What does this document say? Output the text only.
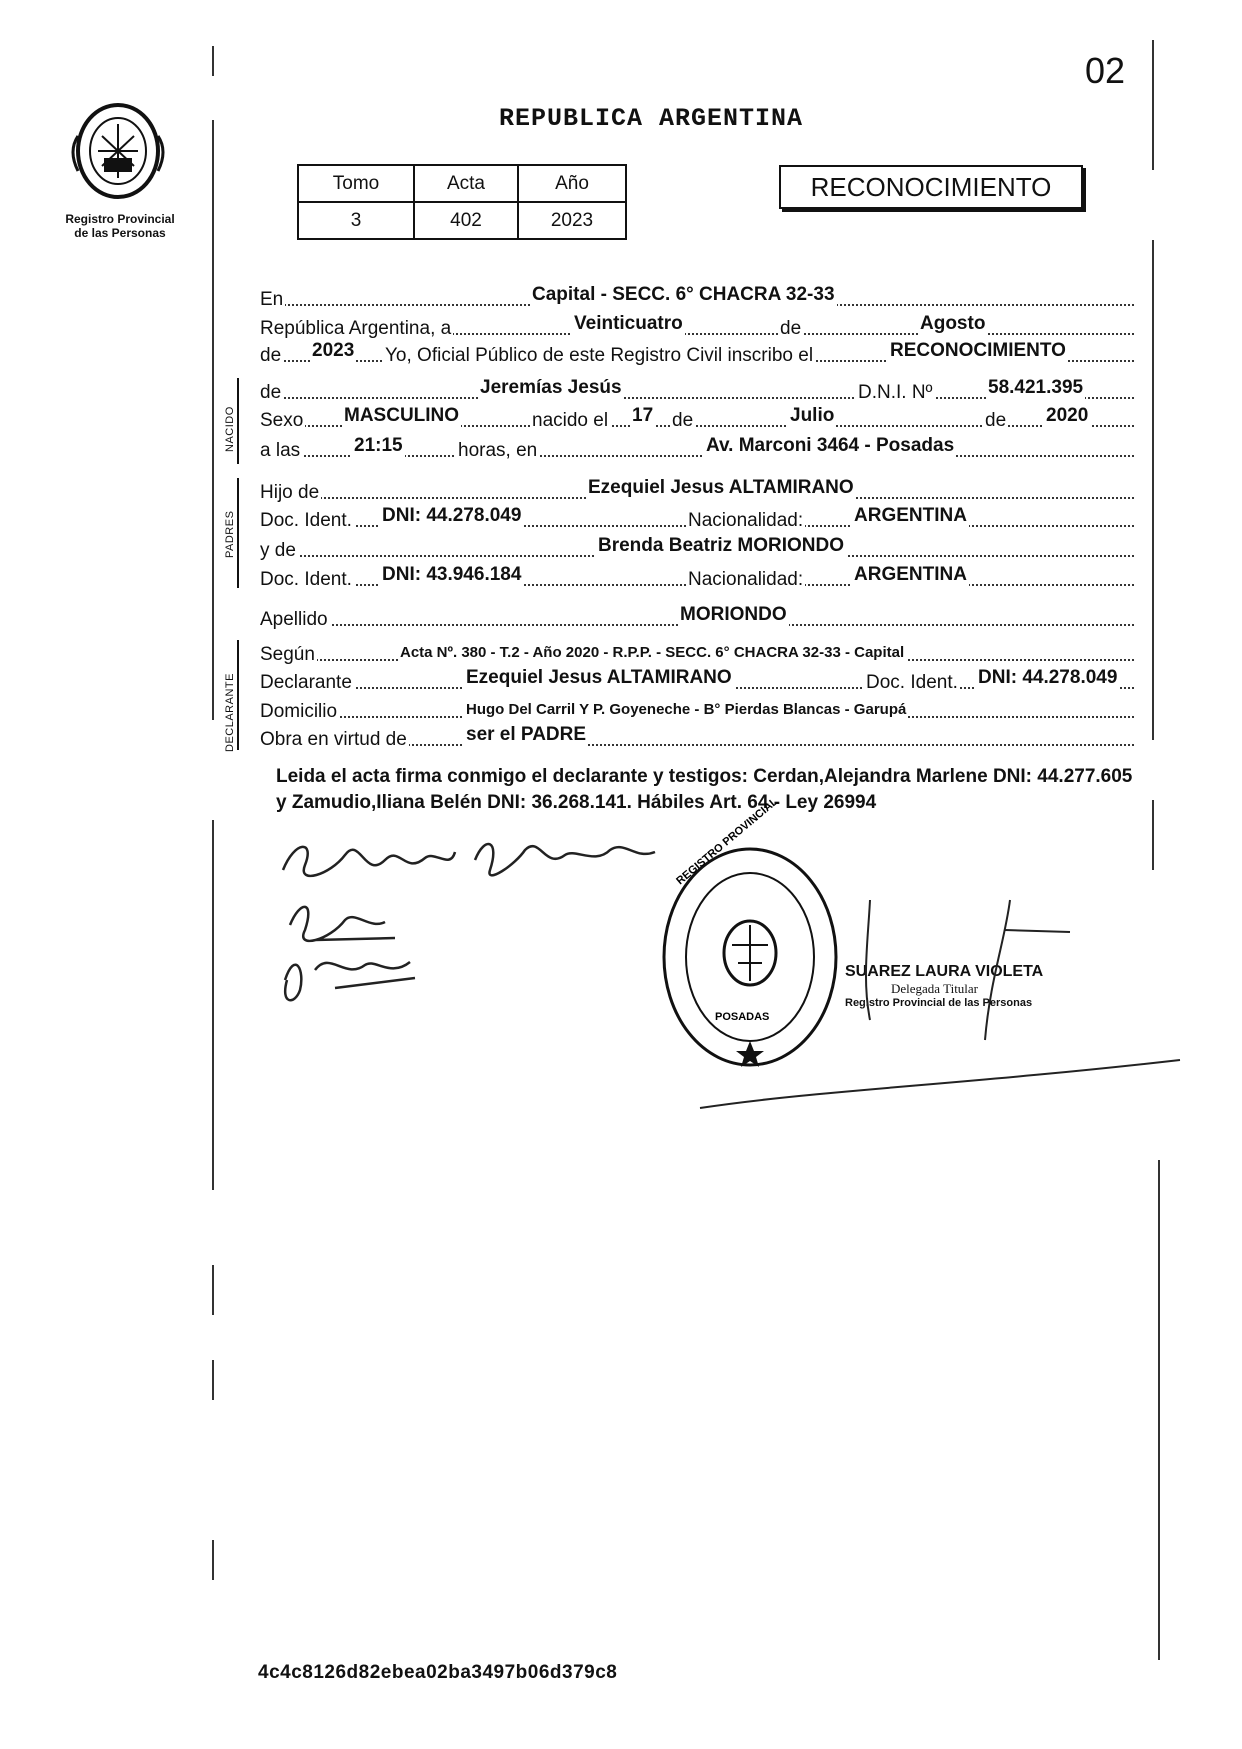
02
Registro Provincial
de las Personas
REPUBLICA ARGENTINA
Tomo	Acta	Año
3	402	2023
RECONOCIMIENTO
NACIDO
PADRES
DECLARANTE
En	Capital - SECC. 6° CHACRA 32-33
República Argentina, a	Veinticuatro	de	Agosto
de 2023 Yo, Oficial Público de este Registro Civil inscribo el	RECONOCIMIENTO
de	Jeremías Jesús	D.N.I. Nº	58.421.395
Sexo MASCULINO	nacido el 17 de	Julio	de 2020
a las	21:15	horas, en	Av. Marconi 3464 - Posadas
Hijo de	Ezequiel Jesus ALTAMIRANO
Doc. Ident. DNI: 44.278.049	Nacionalidad:	ARGENTINA
y de	Brenda Beatriz MORIONDO
Doc. Ident. DNI: 43.946.184	Nacionalidad:	ARGENTINA
Apellido	MORIONDO
Según	Acta Nº. 380 - T.2 - Año 2020 - R.P.P. - SECC. 6° CHACRA 32-33 - Capital
Declarante	Ezequiel Jesus ALTAMIRANO	Doc. Ident. DNI: 44.278.049
Domicilio	Hugo Del Carril Y P. Goyeneche - B° Pierdas Blancas - Garupá
Obra en virtud de	ser el PADRE
Leida el acta firma conmigo el declarante y testigos: Cerdan,Alejandra Marlene DNI: 44.277.605 y Zamudio,Iliana Belén DNI: 36.268.141. Hábiles Art. 64 - Ley 26994
REGISTRO PROVINCIAL
POSADAS
SUAREZ LAURA VIOLETA
Delegada Titular
Registro Provincial de las Personas
4c4c8126d82ebea02ba3497b06d379c8
